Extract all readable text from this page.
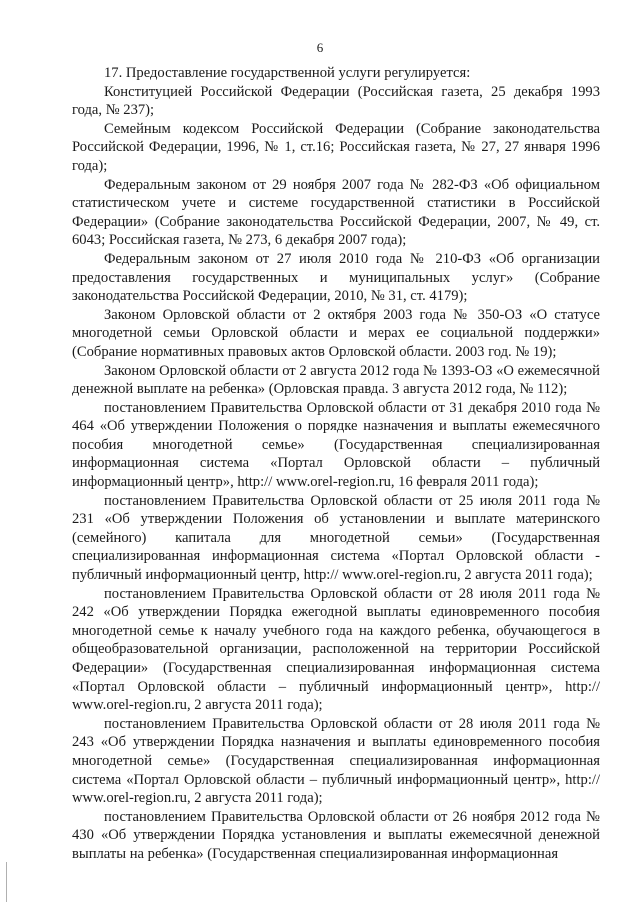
6

17. Предоставление государственной услуги регулируется:

Конституцией Российской Федерации (Российская газета, 25 декабря 1993 года, № 237);

Семейным кодексом Российской Федерации (Собрание законодательства Российской Федерации, 1996, № 1, ст.16; Российская газета, № 27, 27 января 1996 года);

Федеральным законом от 29 ноября 2007 года № 282-ФЗ «Об официальном статистическом учете и системе государственной статистики в Российской Федерации» (Собрание законодательства Российской Федерации, 2007, № 49, ст. 6043; Российская газета, № 273, 6 декабря 2007 года);

Федеральным законом от 27 июля 2010 года № 210-ФЗ «Об организации предоставления государственных и муниципальных услуг» (Собрание законодательства Российской Федерации, 2010, № 31, ст. 4179);

Законом Орловской области от 2 октября 2003 года № 350-ОЗ «О статусе многодетной семьи Орловской области и мерах ее социальной поддержки» (Собрание нормативных правовых актов Орловской области. 2003 год. № 19);

Законом Орловской области от 2 августа 2012 года № 1393-ОЗ «О ежемесячной денежной выплате на ребенка» (Орловская правда. 3 августа 2012 года, № 112);

постановлением Правительства Орловской области от 31 декабря 2010 года № 464 «Об утверждении Положения о порядке назначения и выплаты ежемесячного пособия многодетной семье» (Государственная специализированная информационная система «Портал Орловской области – публичный информационный центр», http:// www.orel-region.ru, 16 февраля 2011 года);

постановлением Правительства Орловской области от 25 июля 2011 года № 231 «Об утверждении Положения об установлении и выплате материнского (семейного) капитала для многодетной семьи» (Государственная специализированная информационная система «Портал Орловской области - публичный информационный центр, http:// www.orel-region.ru, 2 августа 2011 года);

постановлением Правительства Орловской области от 28 июля 2011 года № 242 «Об утверждении Порядка ежегодной выплаты единовременного пособия многодетной семье к началу учебного года на каждого ребенка, обучающегося в общеобразовательной организации, расположенной на территории Российской Федерации» (Государственная специализированная информационная система «Портал Орловской области – публичный информационный центр», http:// www.orel-region.ru, 2 августа 2011 года);

постановлением Правительства Орловской области от 28 июля 2011 года № 243 «Об утверждении Порядка назначения и выплаты единовременного пособия многодетной семье» (Государственная специализированная информационная система «Портал Орловской области – публичный информационный центр», http:// www.orel-region.ru, 2 августа 2011 года);

постановлением Правительства Орловской области от 26 ноября 2012 года № 430 «Об утверждении Порядка установления и выплаты ежемесячной денежной выплаты на ребенка» (Государственная специализированная информационная
